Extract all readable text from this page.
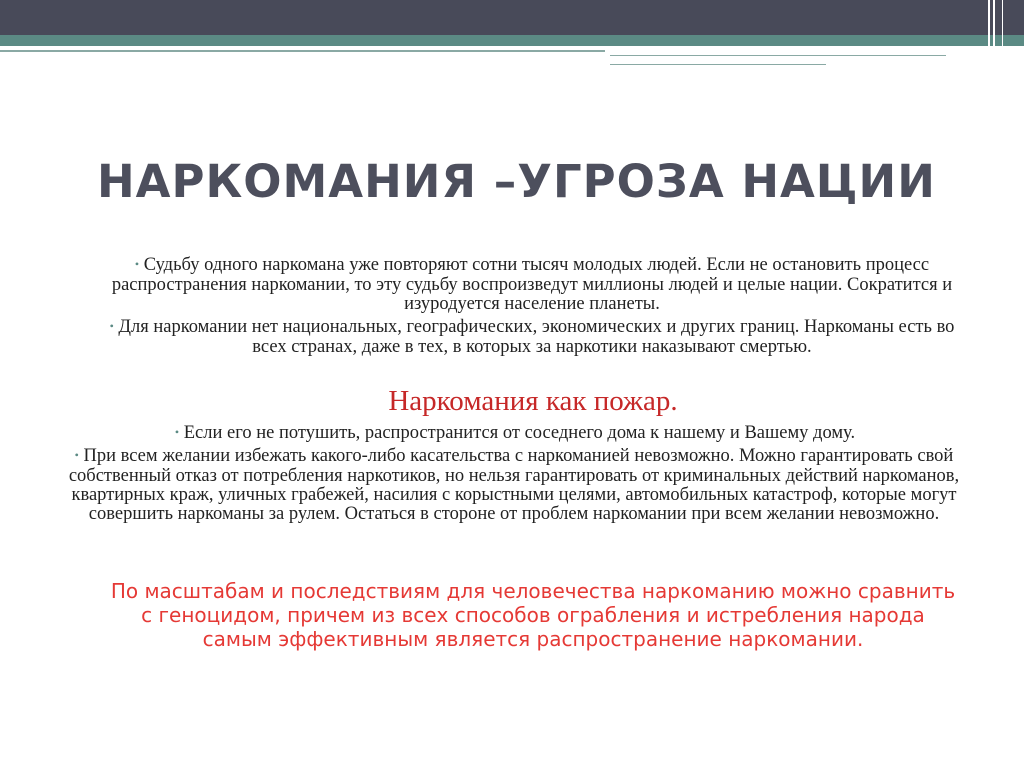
НАРКОМАНИЯ –УГРОЗА НАЦИИ
• Судьбу одного наркомана уже повторяют сотни тысяч молодых людей. Если не остановить процесс распространения наркомании, то эту судьбу воспроизведут миллионы людей и целые нации. Сократится и изуродуется население планеты.
• Для наркомании нет национальных, географических, экономических и других границ. Наркоманы есть во всех странах, даже в тех, в которых за наркотики наказывают смертью.

Наркомания как пожар.

• Если его не потушить, распространится от соседнего дома к нашему и Вашему дому.
• При всем желании избежать какого-либо касательства с наркоманией невозможно. Можно гарантировать свой собственный отказ от потребления наркотиков, но нельзя гарантировать от криминальных действий наркоманов, квартирных краж, уличных грабежей, насилия с корыстными целями, автомобильных катастроф, которые могут совершить наркоманы за рулем. Остаться в стороне от проблем наркомании при всем желании невозможно.

По масштабам и последствиям для человечества наркоманию можно сравнить с геноцидом, причем из всех способов ограбления и истребления народа самым эффективным является распространение наркомании.
